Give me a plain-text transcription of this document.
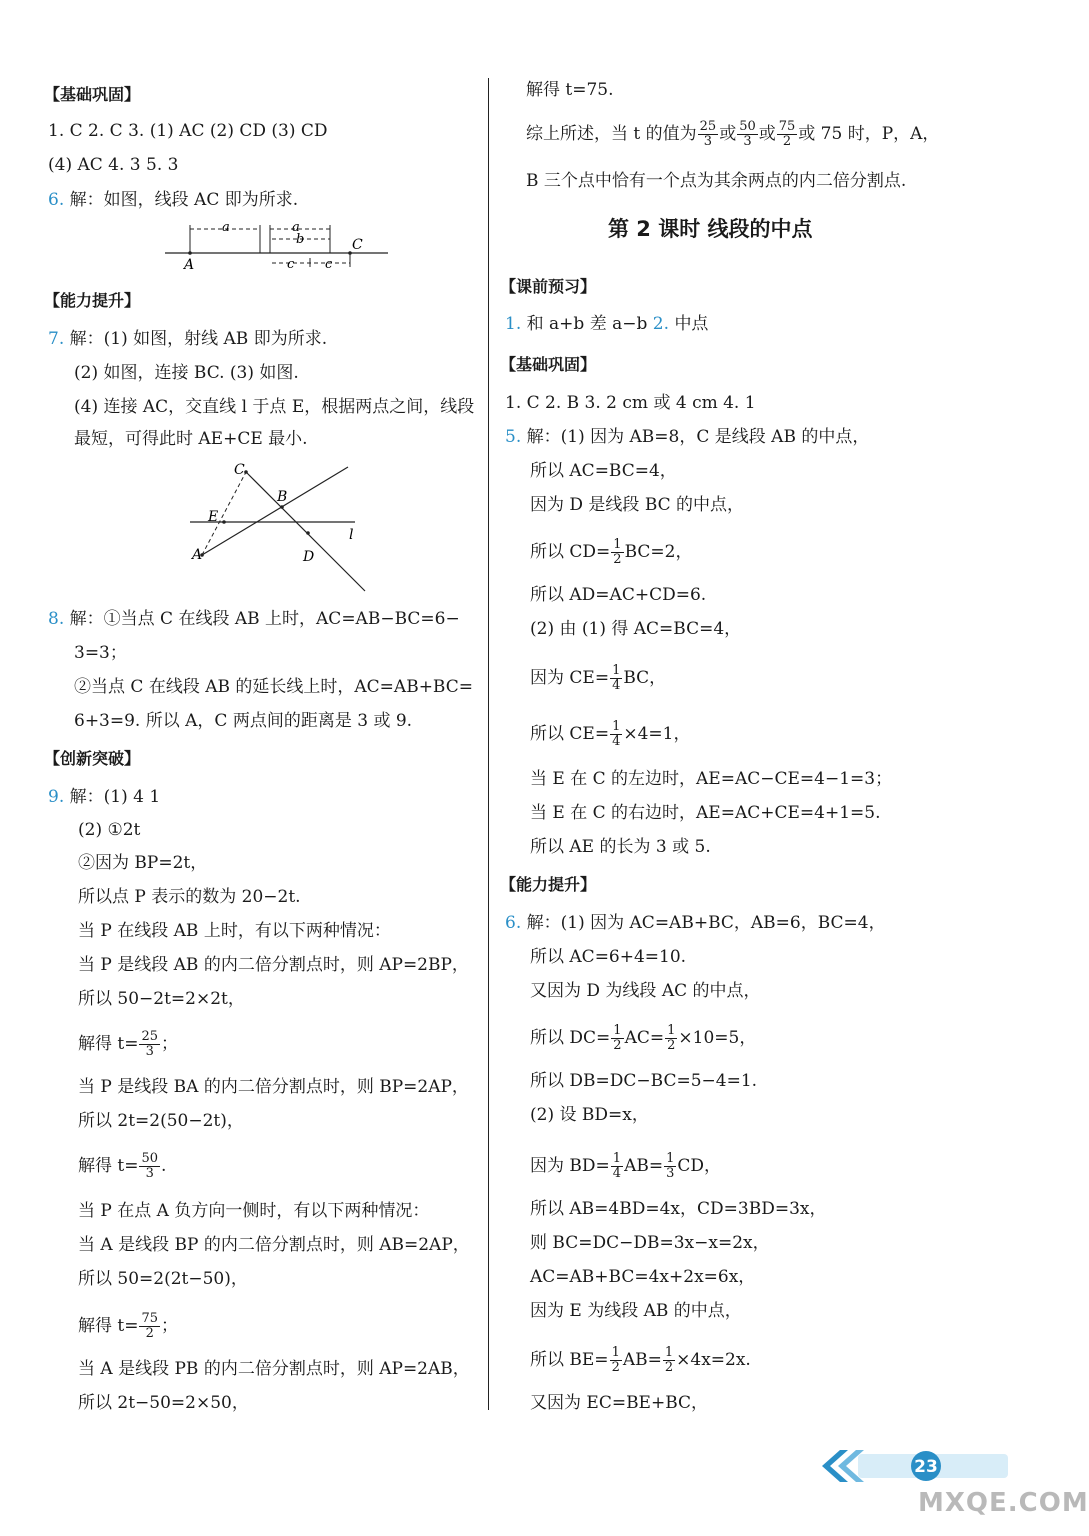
【基础巩固】
1. C 2. C 3. (1) AC (2) CD (3) CD
(4) AC 4. 3 5. 3
6. 解：如图，线段 AC 即为所求.
a	a
b
c c
A
C
【能力提升】
7. 解：(1) 如图，射线 AB 即为所求.
(2) 如图，连接 BC. (3) 如图.
(4) 连接 AC，交直线 l 于点 E，根据两点之间，线段
最短，可得此时 AE+CE 最小.
C
B
E
A	D
l
8. 解：①当点 C 在线段 AB 上时，AC=AB−BC=6−
3=3；
②当点 C 在线段 AB 的延长线上时，AC=AB+BC=
6+3=9. 所以 A，C 两点间的距离是 3 或 9.
【创新突破】
9. 解：(1) 4 1
(2) ①2t
②因为 BP=2t，
所以点 P 表示的数为 20−2t.
当 P 在线段 AB 上时，有以下两种情况：
当 P 是线段 AB 的内二倍分割点时，则 AP=2BP，
所以 50−2t=2×2t，
解得 $t= \frac{25}{3}$ ；
当 P 是线段 BA 的内二倍分割点时，则 BP=2AP，
所以 2t=2(50−2t)，
解得 $t= \frac{50}{3}$ .
当 P 在点 A 负方向一侧时，有以下两种情况：
当 A 是线段 BP 的内二倍分割点时，则 AB=2AP，
所以 50=2(2t−50)，
解得 $t= \frac{75}{2}$ ；
当 A 是线段 PB 的内二倍分割点时，则 AP=2AB，
所以 2t−50=2×50，
解得 t=75.
综上所述，当 t 的值为 $\frac{25}{3}$ 或 $\frac{50}{3}$ 或 $\frac{75}{2}$ 或 75 时，P，A，
B 三个点中恰有一个点为其余两点的内二倍分割点.
第 2 课时 线段的中点
【课前预习】
1. 和 a+b 差 a−b 2. 中点
【基础巩固】
1. C 2. B 3. 2 cm 或 4 cm 4. 1
5. 解：(1) 因为 AB=8，C 是线段 AB 的中点，
所以 AC=BC=4，
因为 D 是线段 BC 的中点，
所以 $CD= \frac{1}{2} BC=2$，
所以 AD=AC+CD=6.
(2) 由 (1) 得 AC=BC=4，
因为 $CE= \frac{1}{4}$ BC，
所以 $CE= \frac{1}{4} \times 4=1$，
当 E 在 C 的左边时，AE=AC−CE=4−1=3；
当 E 在 C 的右边时，AE=AC+CE=4+1=5.
所以 AE 的长为 3 或 5.
【能力提升】
6. 解：(1) 因为 AC=AB+BC，AB=6，BC=4，
所以 AC=6+4=10.
又因为 D 为线段 AC 的中点，
所以 $DC= \frac{1}{2} AC= \frac{1}{2} \times 10=5$，
所以 DB=DC−BC=5−4=1.
(2) 设 BD=x，
因为 $BD= \frac{1}{4} AB= \frac{1}{3}$ CD，
所以 AB=4BD=4x，CD=3BD=3x，
则 BC=DC−DB=3x−x=2x，
AC=AB+BC=4x+2x=6x，
因为 E 为线段 AB 的中点，
所以 $BE= \frac{1}{2} AB= \frac{1}{2} \times 4x=2x$.
又因为 EC=BE+BC，
23
MXQE.COM
